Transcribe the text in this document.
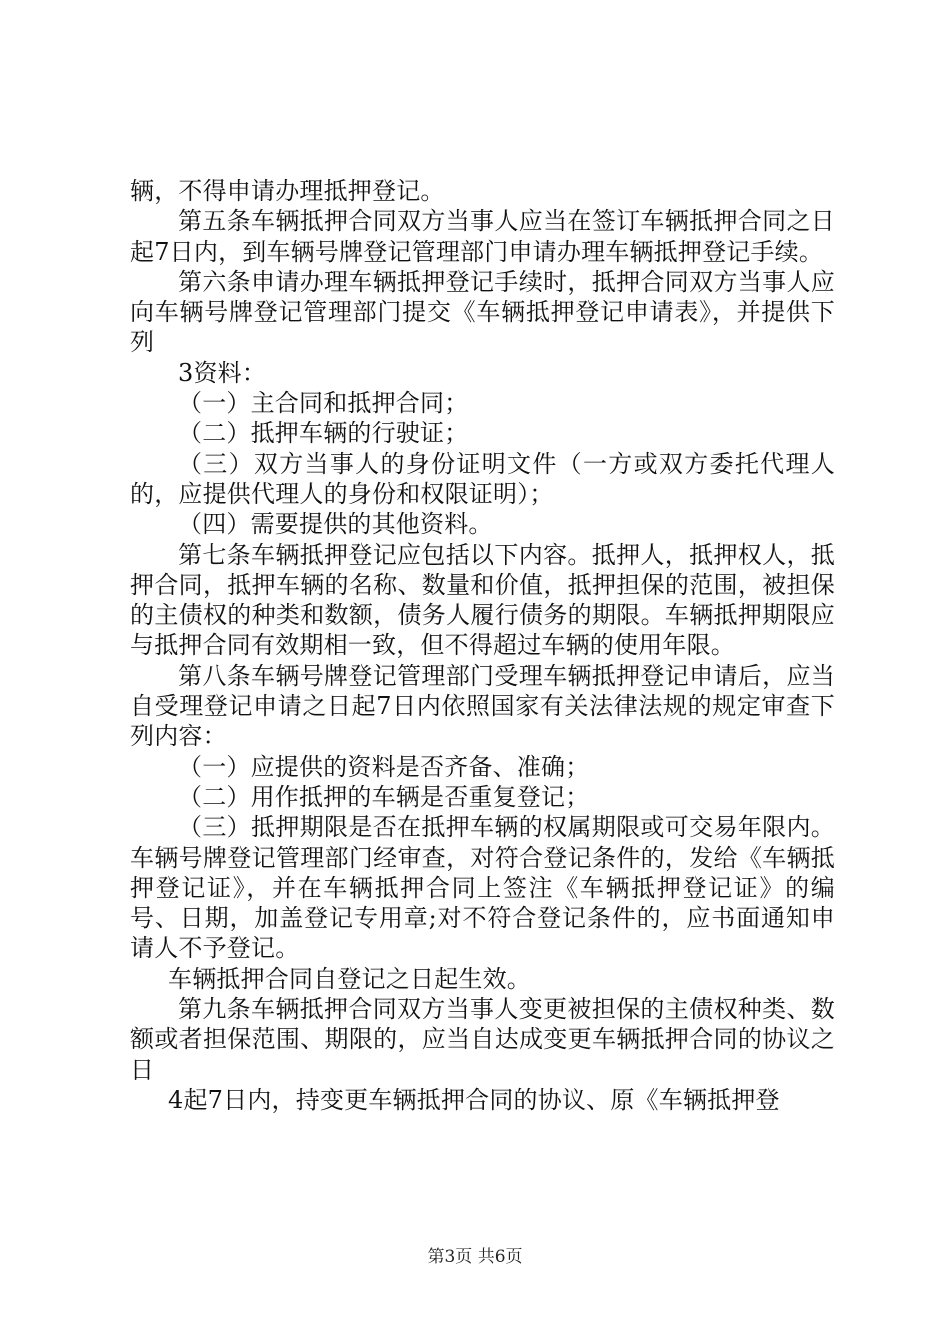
辆，不得申请办理抵押登记。

第五条车辆抵押合同双方当事人应当在签订车辆抵押合同之日起7日内，到车辆号牌登记管理部门申请办理车辆抵押登记手续。

第六条申请办理车辆抵押登记手续时，抵押合同双方当事人应向车辆号牌登记管理部门提交《车辆抵押登记申请表》，并提供下列

3资料：

（一）主合同和抵押合同；

（二）抵押车辆的行驶证；

（三）双方当事人的身份证明文件（一方或双方委托代理人的，应提供代理人的身份和权限证明）；

（四）需要提供的其他资料。

第七条车辆抵押登记应包括以下内容。抵押人，抵押权人，抵押合同，抵押车辆的名称、数量和价值，抵押担保的范围，被担保的主债权的种类和数额，债务人履行债务的期限。车辆抵押期限应与抵押合同有效期相一致，但不得超过车辆的使用年限。

第八条车辆号牌登记管理部门受理车辆抵押登记申请后，应当自受理登记申请之日起7日内依照国家有关法律法规的规定审查下列内容：

（一）应提供的资料是否齐备、准确；

（二）用作抵押的车辆是否重复登记；

（三）抵押期限是否在抵押车辆的权属期限或可交易年限内。车辆号牌登记管理部门经审查，对符合登记条件的，发给《车辆抵押登记证》，并在车辆抵押合同上签注《车辆抵押登记证》的编号、日期，加盖登记专用章;对不符合登记条件的，应书面通知申请人不予登记。

车辆抵押合同自登记之日起生效。

第九条车辆抵押合同双方当事人变更被担保的主债权种类、数额或者担保范围、期限的，应当自达成变更车辆抵押合同的协议之日

4起7日内，持变更车辆抵押合同的协议、原《车辆抵押登

第3页 共6页
